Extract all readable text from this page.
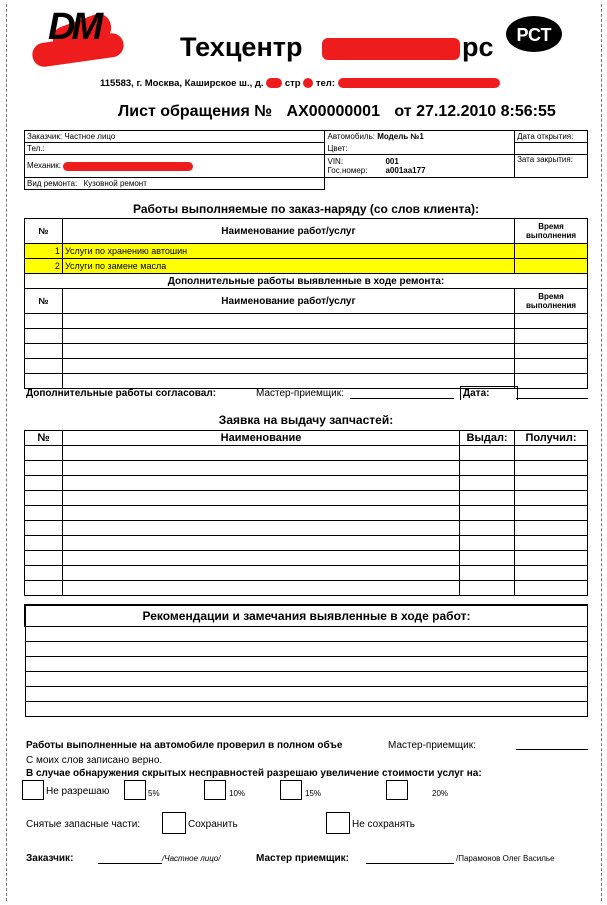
DM	Техцентр	рс РСТ
115583, г. Москва, Каширское ш., д. стр тел:
Лист обращения № АХ00000001 от 27.12.2010 8:56:55
Заказчик: Частное лицо	Автомобиль: Модель №1	Дата открытия:
Тел.:	Цвет:	
Механик:	VIN: 001
Гос.номер: а001аа177	Зата закрытия:
Вид ремонта: Кузовной ремонт		
Работы выполняемые по заказ-наряду (со слов клиента):
№	Наименование работ/услуг	Время выполнения
1	Услуги по хранению автошин	
2	Услуги по замене масла	
Дополнительные работы выявленные в ходе ремонта:		
№	Наименование работ/услуг	Время выполнения

Дополнительные работы согласовал:	Мастер-приемщик:	Дата:
Заявка на выдачу запчастей:
№	Наименование	Выдал:	Получил:

Рекомендации и замечания выявленные в ходе работ:

Работы выполненные на автомобиле проверил в полном объе	Мастер-приемщик:
С моих слов записано верно.
В случае обнаружения скрытых несправностей разрешаю увеличение стоимости услуг на:
Не разрешаю	5%	10%	15%	20%
Снятые запасные части:	Сохранить	Не сохранять
Заказчик:	/Частное лицо/	Мастер приемщик:	/Парамонов Олег Василье
